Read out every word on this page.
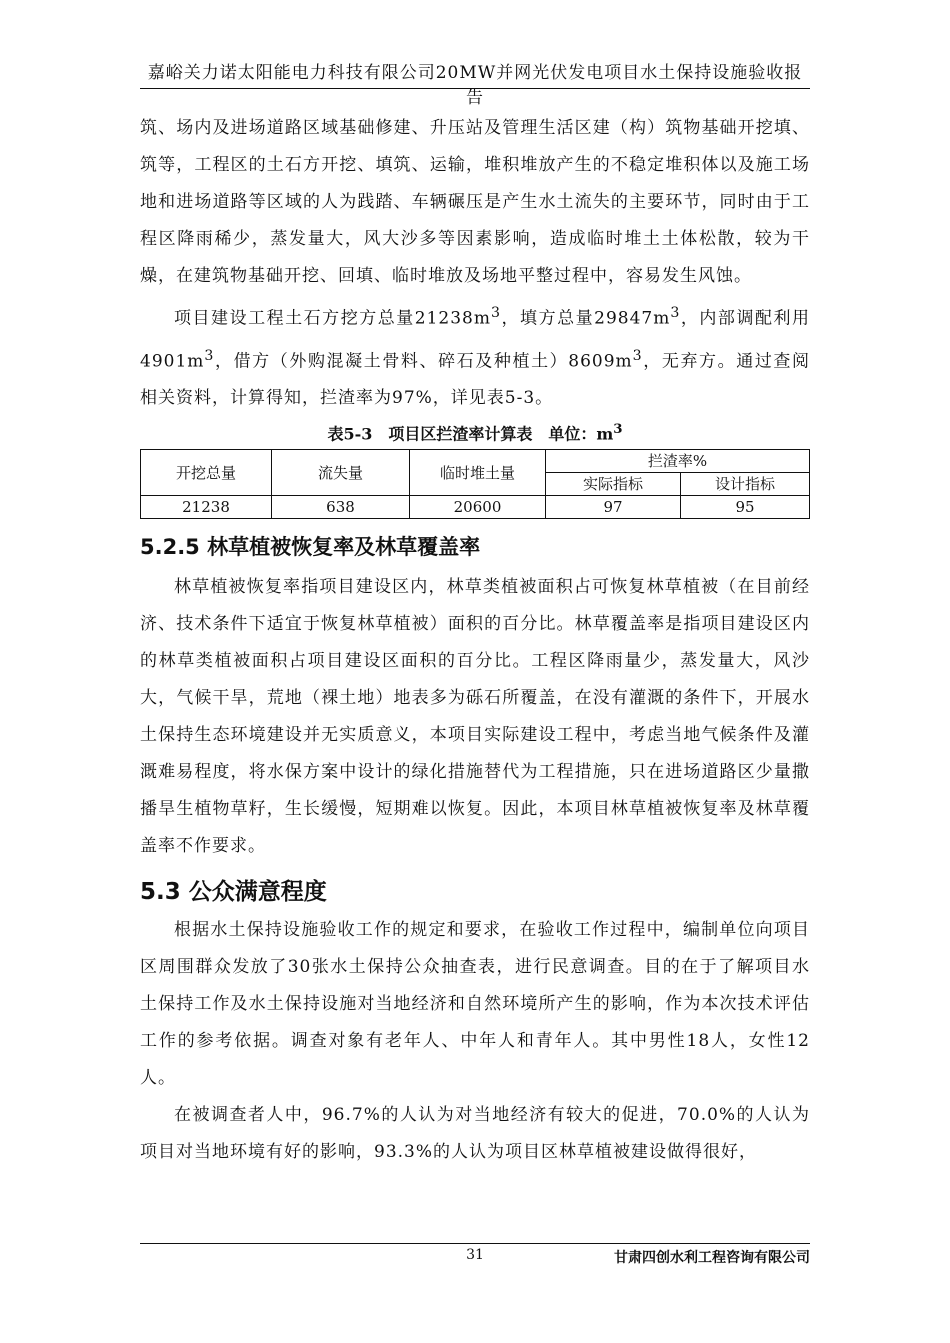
嘉峪关力诺太阳能电力科技有限公司20MW并网光伏发电项目水土保持设施验收报告

筑、场内及进场道路区域基础修建、升压站及管理生活区建（构）筑物基础开挖填、筑等，工程区的土石方开挖、填筑、运输，堆积堆放产生的不稳定堆积体以及施工场地和进场道路等区域的人为践踏、车辆碾压是产生水土流失的主要环节，同时由于工程区降雨稀少，蒸发量大，风大沙多等因素影响，造成临时堆土土体松散，较为干燥，在建筑物基础开挖、回填、临时堆放及场地平整过程中，容易发生风蚀。

项目建设工程土石方挖方总量$21238m^3$，填方总量$29847m^3$，内部调配利用$4901m^3$，借方（外购混凝土骨料、碎石及种植土）$8609m^3$，无弃方。通过查阅相关资料，计算得知，拦渣率为97%，详见表5-3。

表5-3　项目区拦渣率计算表　单位：$m^3$
开挖总量	流失量	临时堆土量	拦渣率%	
			实际指标	设计指标
21238	638	20600	97	95
5.2.5 林草植被恢复率及林草覆盖率

林草植被恢复率指项目建设区内，林草类植被面积占可恢复林草植被（在目前经济、技术条件下适宜于恢复林草植被）面积的百分比。林草覆盖率是指项目建设区内的林草类植被面积占项目建设区面积的百分比。工程区降雨量少，蒸发量大，风沙大，气候干旱，荒地（裸土地）地表多为砾石所覆盖，在没有灌溉的条件下，开展水土保持生态环境建设并无实质意义，本项目实际建设工程中，考虑当地气候条件及灌溉难易程度，将水保方案中设计的绿化措施替代为工程措施，只在进场道路区少量撒播旱生植物草籽，生长缓慢，短期难以恢复。因此，本项目林草植被恢复率及林草覆盖率不作要求。

5.3 公众满意程度

根据水土保持设施验收工作的规定和要求，在验收工作过程中，编制单位向项目区周围群众发放了30张水土保持公众抽查表，进行民意调查。目的在于了解项目水土保持工作及水土保持设施对当地经济和自然环境所产生的影响，作为本次技术评估工作的参考依据。调查对象有老年人、中年人和青年人。其中男性18人，女性12人。

在被调查者人中，96.7%的人认为对当地经济有较大的促进，70.0%的人认为项目对当地环境有好的影响，93.3%的人认为项目区林草植被建设做得很好，

31	甘肃四创水利工程咨询有限公司
